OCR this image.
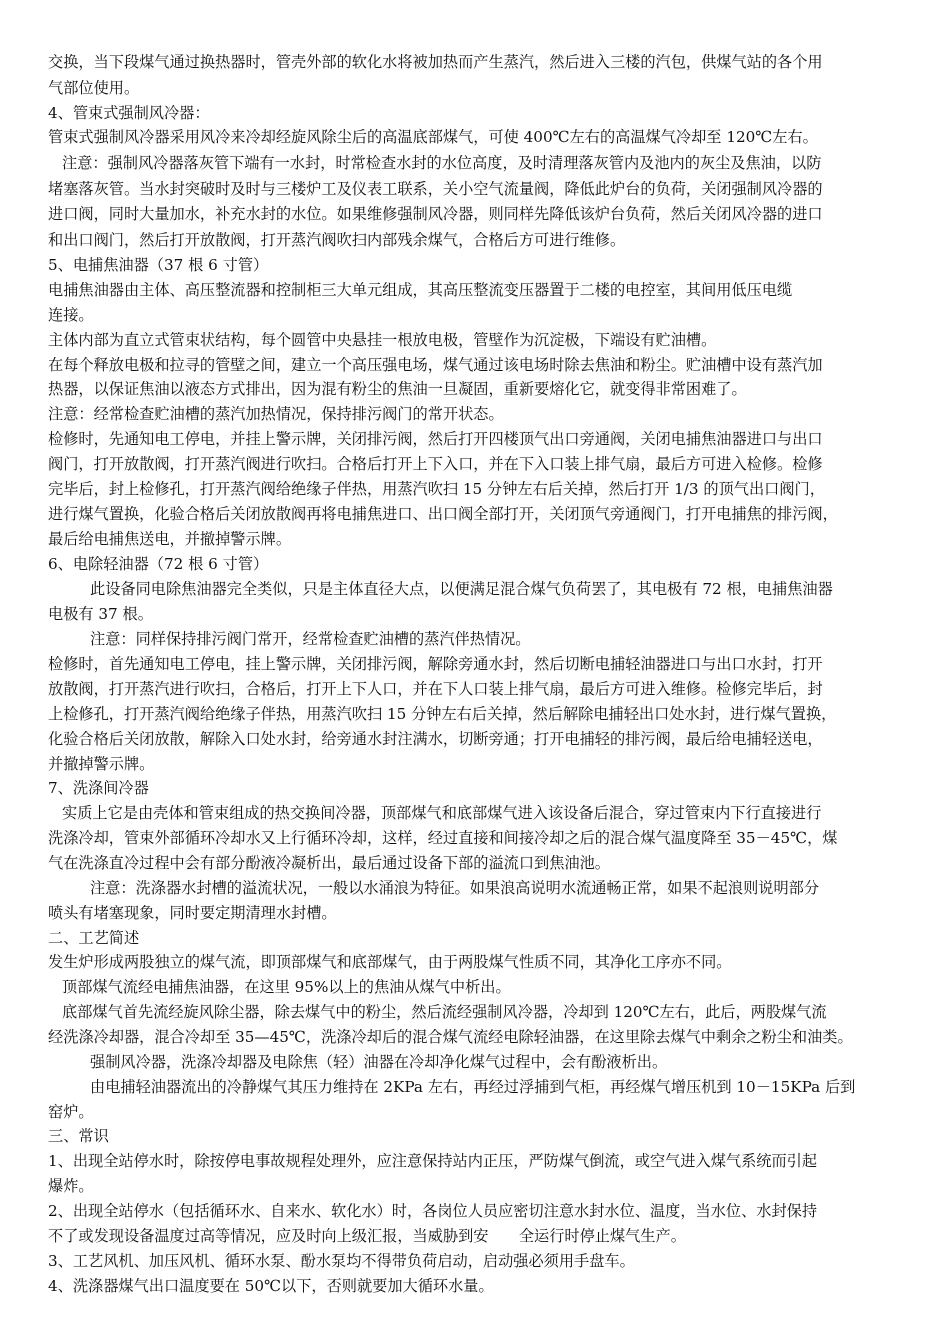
交换，当下段煤气通过换热器时，管壳外部的软化水将被加热而产生蒸汽，然后进入三楼的汽包，供煤气站的各个用
气部位使用。
4、管束式强制风冷器：
管束式强制风冷器采用风冷来冷却经旋风除尘后的高温底部煤气，可使 400℃左右的高温煤气冷却至 120℃左右。
注意：强制风冷器落灰管下端有一水封，时常检查水封的水位高度，及时清理落灰管内及池内的灰尘及焦油，以防
堵塞落灰管。当水封突破时及时与三楼炉工及仪表工联系，关小空气流量阀，降低此炉台的负荷，关闭强制风冷器的
进口阀，同时大量加水，补充水封的水位。如果维修强制风冷器，则同样先降低该炉台负荷，然后关闭风冷器的进口
和出口阀门，然后打开放散阀，打开蒸汽阀吹扫内部残余煤气，合格后方可进行维修。
5、电捕焦油器（37 根 6 寸管）
电捕焦油器由主体、高压整流器和控制柜三大单元组成，其高压整流变压器置于二楼的电控室，其间用低压电缆
连接。
主体内部为直立式管束状结构，每个圆管中央悬挂一根放电极，管壁作为沉淀极，下端设有贮油槽。
在每个释放电极和拉寻的管壁之间，建立一个高压强电场，煤气通过该电场时除去焦油和粉尘。贮油槽中设有蒸汽加
热器，以保证焦油以液态方式排出，因为混有粉尘的焦油一旦凝固，重新要熔化它，就变得非常困难了。
注意：经常检查贮油槽的蒸汽加热情况，保持排污阀门的常开状态。
检修时，先通知电工停电，并挂上警示牌，关闭排污阀，然后打开四楼顶气出口旁通阀，关闭电捕焦油器进口与出口
阀门，打开放散阀，打开蒸汽阀进行吹扫。合格后打开上下入口，并在下入口装上排气扇，最后方可进入检修。检修
完毕后，封上检修孔，打开蒸汽阀给绝缘子伴热，用蒸汽吹扫 15 分钟左右后关掉，然后打开 1/3 的顶气出口阀门，
进行煤气置换，化验合格后关闭放散阀再将电捕焦进口、出口阀全部打开，关闭顶气旁通阀门，打开电捕焦的排污阀，
最后给电捕焦送电，并撤掉警示牌。
6、电除轻油器（72 根 6 寸管）
此设备同电除焦油器完全类似，只是主体直径大点，以便满足混合煤气负荷罢了，其电极有 72 根，电捕焦油器
电极有 37 根。
注意：同样保持排污阀门常开，经常检查贮油槽的蒸汽伴热情况。
检修时，首先通知电工停电，挂上警示牌，关闭排污阀，解除旁通水封，然后切断电捕轻油器进口与出口水封，打开
放散阀，打开蒸汽进行吹扫，合格后，打开上下人口，并在下人口装上排气扇，最后方可进入维修。检修完毕后，封
上检修孔，打开蒸汽阀给绝缘子伴热，用蒸汽吹扫 15 分钟左右后关掉，然后解除电捕轻出口处水封，进行煤气置换，
化验合格后关闭放散，解除入口处水封，给旁通水封注满水，切断旁通；打开电捕轻的排污阀，最后给电捕轻送电，
并撤掉警示牌。
7、洗涤间冷器
实质上它是由壳体和管束组成的热交换间冷器，顶部煤气和底部煤气进入该设备后混合，穿过管束内下行直接进行
洗涤冷却，管束外部循环冷却水又上行循环冷却，这样，经过直接和间接冷却之后的混合煤气温度降至 35－45℃，煤
气在洗涤直冷过程中会有部分酚液冷凝析出，最后通过设备下部的溢流口到焦油池。
注意：洗涤器水封槽的溢流状况，一般以水涌浪为特征。如果浪高说明水流通畅正常，如果不起浪则说明部分
喷头有堵塞现象，同时要定期清理水封槽。
二、工艺简述
发生炉形成两股独立的煤气流，即顶部煤气和底部煤气，由于两股煤气性质不同，其净化工序亦不同。
顶部煤气流经电捕焦油器，在这里 95%以上的焦油从煤气中析出。
底部煤气首先流经旋风除尘器，除去煤气中的粉尘，然后流经强制风冷器，冷却到 120℃左右，此后，两股煤气流
经洗涤冷却器，混合冷却至 35—45℃，洗涤冷却后的混合煤气流经电除轻油器，在这里除去煤气中剩余之粉尘和油类。
强制风冷器，洗涤冷却器及电除焦（轻）油器在冷却净化煤气过程中，会有酚液析出。
由电捕轻油器流出的冷静煤气其压力维持在 2KPa 左右，再经过浮捕到气柜，再经煤气增压机到 10－15KPa 后到
窑炉。
三、常识
1、出现全站停水时，除按停电事故规程处理外，应注意保持站内正压，严防煤气倒流，或空气进入煤气系统而引起
爆炸。
2、出现全站停水（包括循环水、自来水、软化水）时，各岗位人员应密切注意水封水位、温度，当水位、水封保持
不了或发现设备温度过高等情况，应及时向上级汇报，当威胁到安　　全运行时停止煤气生产。
3、工艺风机、加压风机、循环水泵、酚水泵均不得带负荷启动，启动强必须用手盘车。
4、洗涤器煤气出口温度要在 50℃以下，否则就要加大循环水量。
